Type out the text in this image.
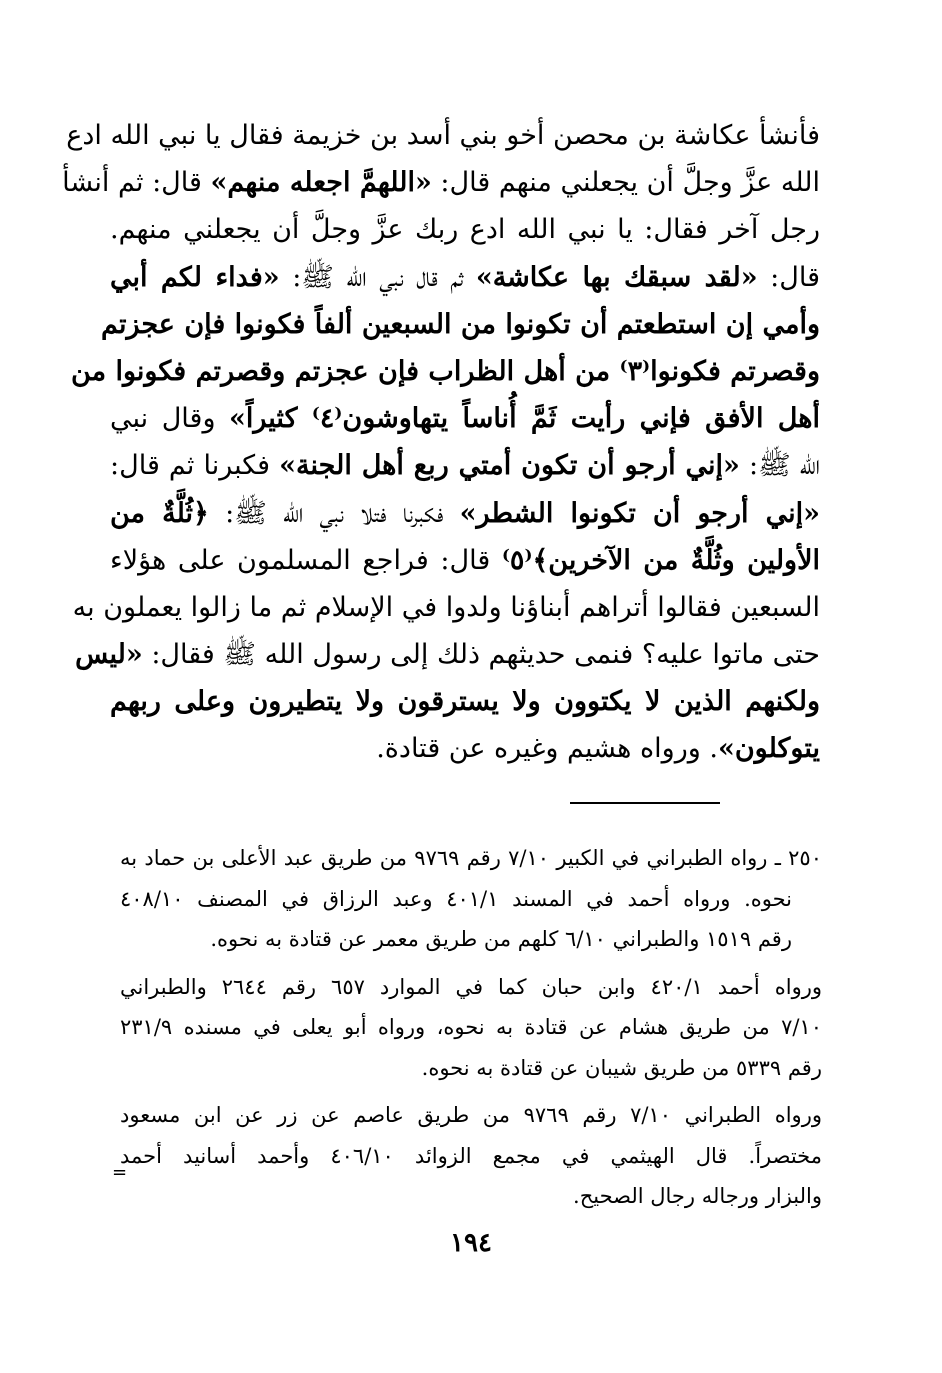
فأنشأ عكاشة بن محصن أخو بني أسد بن خزيمة فقال يا نبي الله ادع
الله عزَّ وجلَّ أن يجعلني منهم قال: «اللهمَّ اجعله منهم» قال: ثم أنشأ
رجل آخر فقال: يا نبي الله ادع ربك عزَّ وجلَّ أن يجعلني منهم.
قال: «لقد سبقك بها عكاشة» ثم قال نبي الله ﷺ: «فداء لكم أبي
وأمي إن استطعتم أن تكونوا من السبعين ألفاً فكونوا فإن عجزتم
وقصرتم فكونوا⁽٣⁾ من أهل الظراب فإن عجزتم وقصرتم فكونوا من
أهل الأفق فإني رأيت ثَمَّ أُناساً يتهاوشون⁽٤⁾ كثيراً» وقال نبي
الله ﷺ: «إني أرجو أن تكون أمتي ربع أهل الجنة» فكبرنا ثم قال:
«إني أرجو أن تكونوا الشطر» فكبرنا فتلا نبي الله ﷺ: ﴿ثُلَّةٌ من
الأولين وثُلَّةٌ من الآخرين﴾⁽٥⁾ قال: فراجع المسلمون على هؤلاء
السبعين فقالوا أتراهم أبناؤنا ولدوا في الإسلام ثم ما زالوا يعملون به
حتى ماتوا عليه؟ فنمى حديثهم ذلك إلى رسول الله ﷺ فقال: «ليس
ولكنهم الذين لا يكتوون ولا يسترقون ولا يتطيرون وعلى ربهم
يتوكلون». ورواه هشيم وغيره عن قتادة.
٢٥٠ ـ رواه الطبراني في الكبير ٧/١٠ رقم ٩٧٦٩ من طريق عبد الأعلى بن حماد به
نحوه. ورواه أحمد في المسند ٤٠١/١ وعبد الرزاق في المصنف ٤٠٨/١٠
رقم ١٥١٩ والطبراني ٦/١٠ كلهم من طريق معمر عن قتادة به نحوه.
ورواه أحمد ٤٢٠/١ وابن حبان كما في الموارد ٦٥٧ رقم ٢٦٤٤ والطبراني
٧/١٠ من طريق هشام عن قتادة به نحوه، ورواه أبو يعلى في مسنده ٢٣١/٩
رقم ٥٣٣٩ من طريق شيبان عن قتادة به نحوه.
ورواه الطبراني ٧/١٠ رقم ٩٧٦٩ من طريق عاصم عن زر عن ابن مسعود
مختصراً. قال الهيثمي في مجمع الزوائد ٤٠٦/١٠ وأحمد أسانيد أحمد
والبزار ورجاله رجال الصحيح.
=
١٩٤
